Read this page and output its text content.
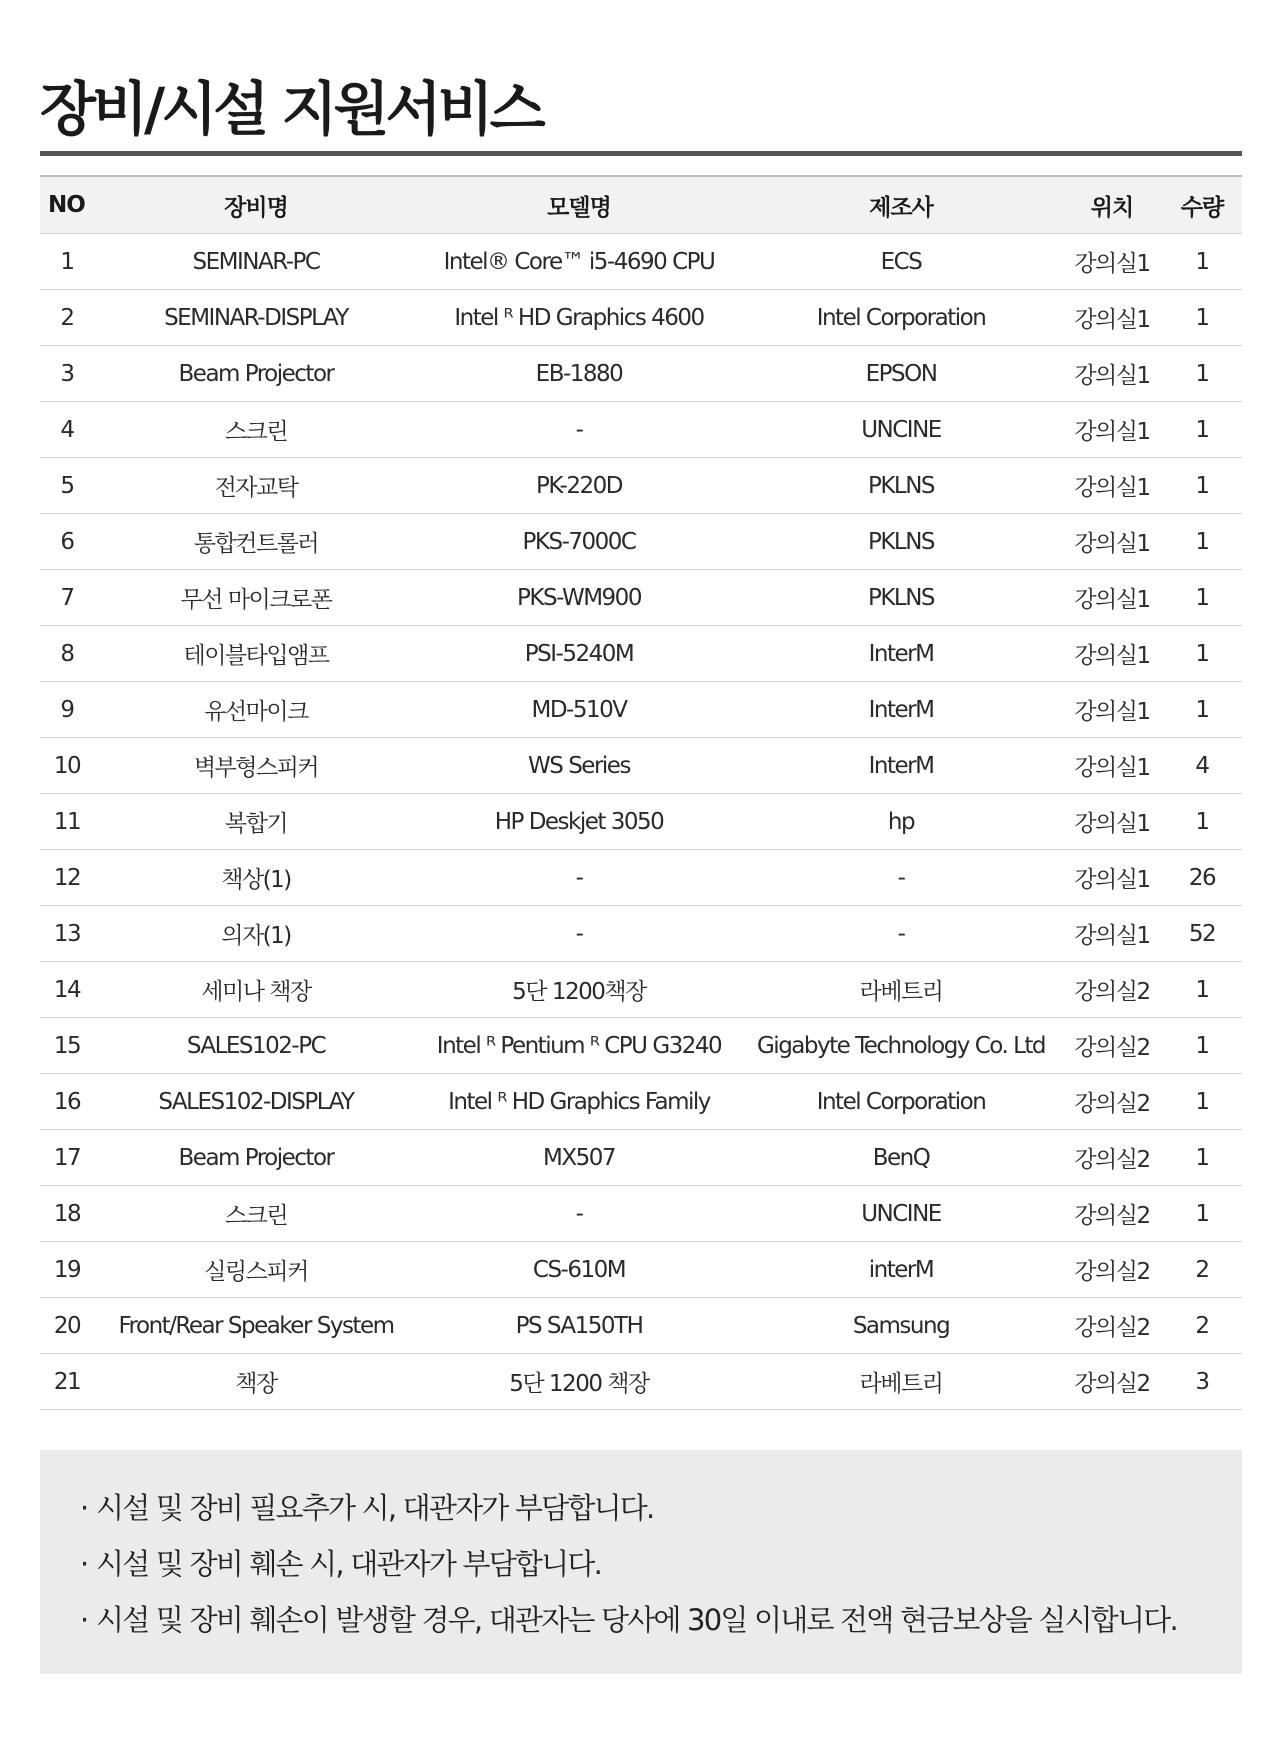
장비/시설 지원서비스
NO	장비명	모델명	제조사	위치	수량
1	SEMINAR-PC	Intel® Core™ i5-4690 CPU	ECS	강의실1	1
2	SEMINAR-DISPLAY	Intel ᴿ HD Graphics 4600	Intel Corporation	강의실1	1
3	Beam Projector	EB-1880	EPSON	강의실1	1
4	스크린	-	UNCINE	강의실1	1
5	전자교탁	PK-220D	PKLNS	강의실1	1
6	통합컨트롤러	PKS-7000C	PKLNS	강의실1	1
7	무선 마이크로폰	PKS-WM900	PKLNS	강의실1	1
8	테이블타입앰프	PSI-5240M	InterM	강의실1	1
9	유선마이크	MD-510V	InterM	강의실1	1
10	벽부형스피커	WS Series	InterM	강의실1	4
11	복합기	HP Deskjet 3050	hp	강의실1	1
12	책상(1)	-	-	강의실1	26
13	의자(1)	-	-	강의실1	52
14	세미나 책장	5단 1200책장	라베트리	강의실2	1
15	SALES102-PC	Intel ᴿ Pentium ᴿ CPU G3240	Gigabyte Technology Co. Ltd	강의실2	1
16	SALES102-DISPLAY	Intel ᴿ HD Graphics Family	Intel Corporation	강의실2	1
17	Beam Projector	MX507	BenQ	강의실2	1
18	스크린	-	UNCINE	강의실2	1
19	실링스피커	CS-610M	interM	강의실2	2
20	Front/Rear Speaker System	PS SA150TH	Samsung	강의실2	2
21	책장	5단 1200 책장	라베트리	강의실2	3
· 시설 및 장비 필요추가 시, 대관자가 부담합니다.
· 시설 및 장비 훼손 시, 대관자가 부담합니다.
· 시설 및 장비 훼손이 발생할 경우, 대관자는 당사에 30일 이내로 전액 현금보상을 실시합니다.
